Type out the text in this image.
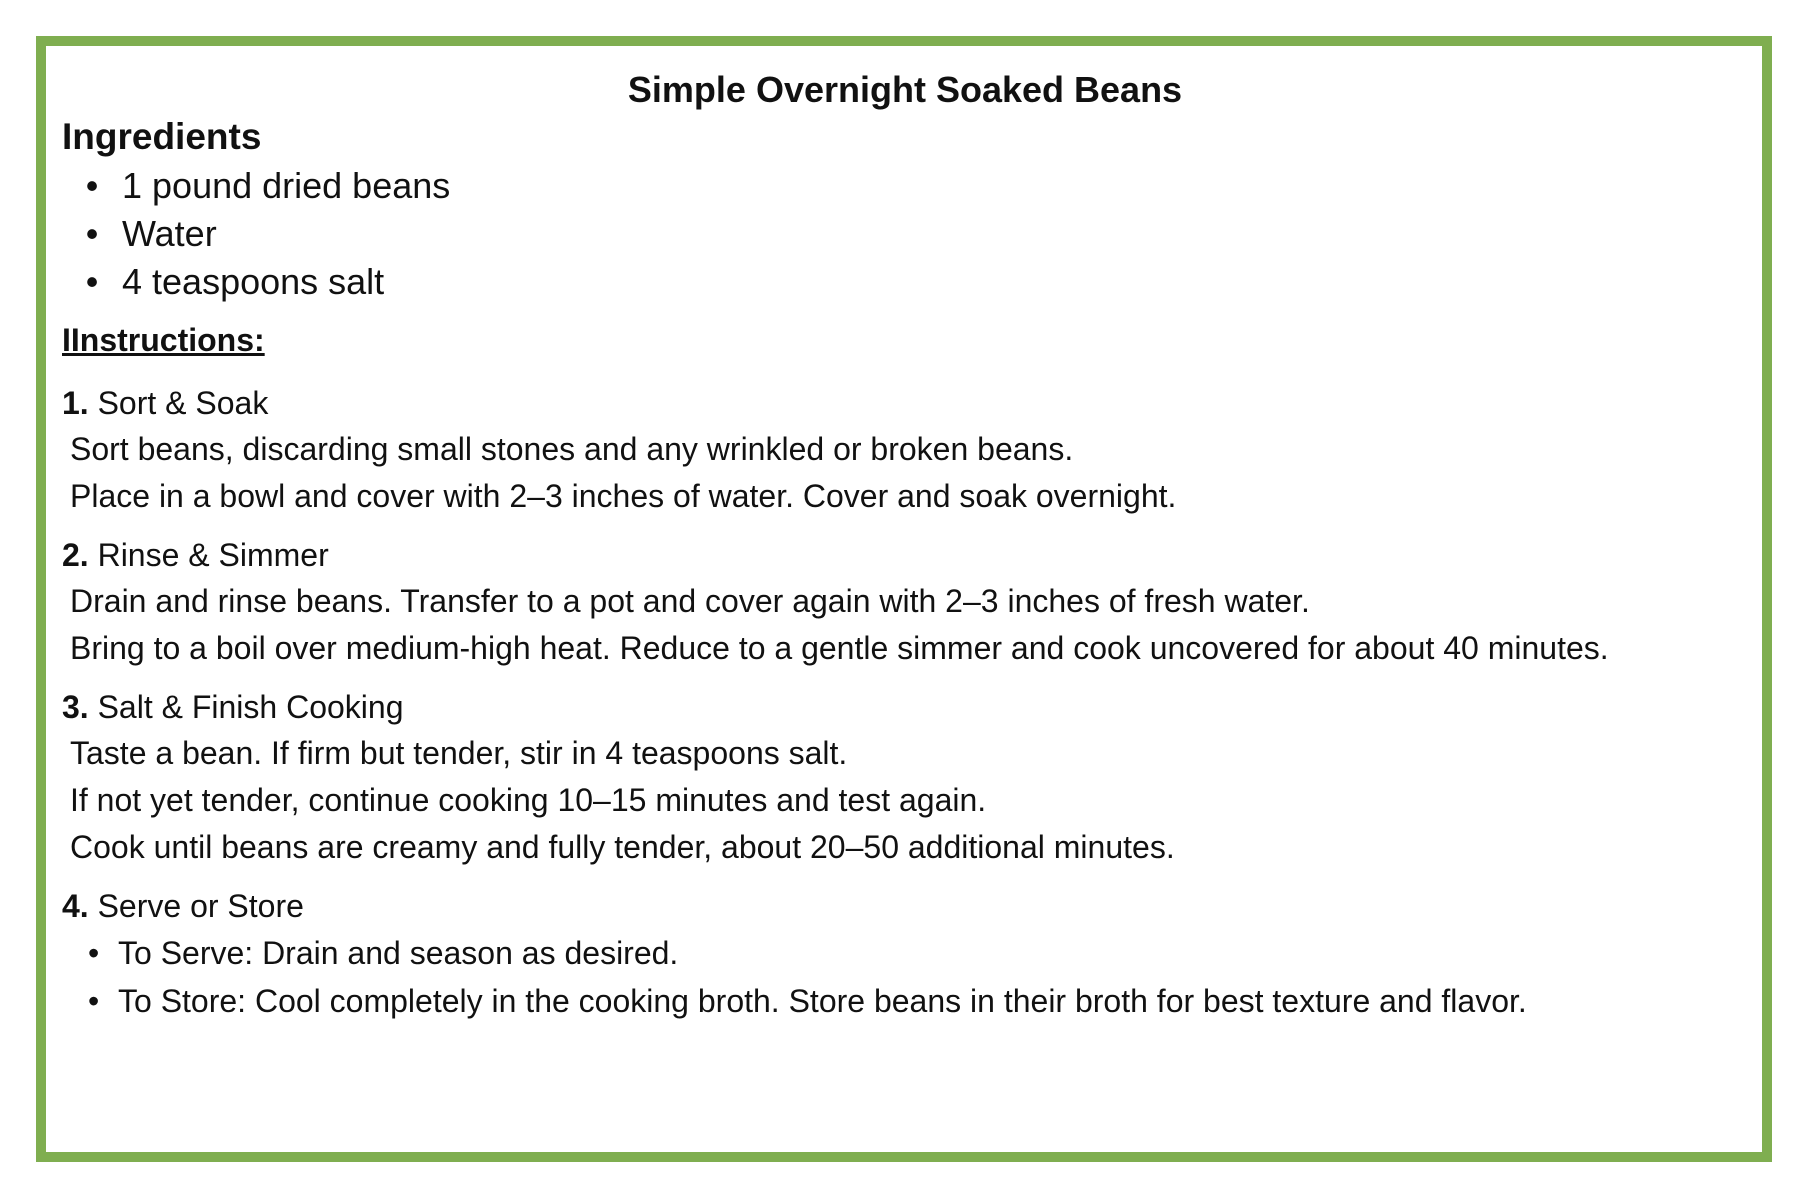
Simple Overnight Soaked Beans
Ingredients
• 1 pound dried beans
• Water
• 4 teaspoons salt
IInstructions:

1. Sort & Soak

Sort beans, discarding small stones and any wrinkled or broken beans.

Place in a bowl and cover with 2–3 inches of water. Cover and soak overnight.

2. Rinse & Simmer

Drain and rinse beans. Transfer to a pot and cover again with 2–3 inches of fresh water.

Bring to a boil over medium-high heat. Reduce to a gentle simmer and cook uncovered for about 40 minutes.

3. Salt & Finish Cooking

Taste a bean. If firm but tender, stir in 4 teaspoons salt.

If not yet tender, continue cooking 10–15 minutes and test again.

Cook until beans are creamy and fully tender, about 20–50 additional minutes.

4. Serve or Store

• To Serve: Drain and season as desired.
• To Store: Cool completely in the cooking broth. Store beans in their broth for best texture and flavor.
